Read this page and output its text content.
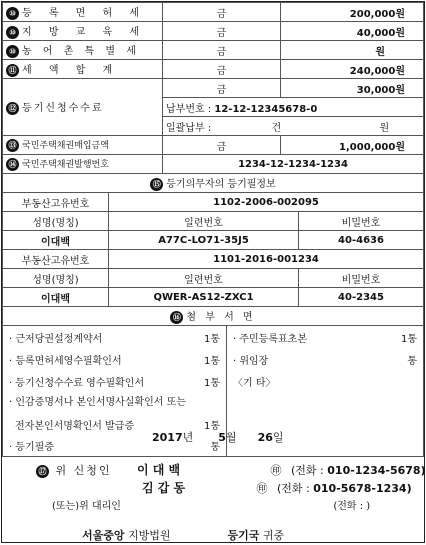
⑩ 등 록 면 허 세	금	200,000원
⑩ 지 방 교 육 세	금	40,000원
⑩ 농 어 촌 특 별 세	금	원
⑪ 세 액 합 계	금	240,000원
⑫ 등기신청수수료	금	30,000원
	납부번호 : 12-12-12345678-0	
	일괄납부 : 건 원	
⑬ 국민주택채권매입금액	금	1,000,000원
⑭ 국민주택채권발행번호	1234-12-1234-1234	
⑮ 등기의무자의 등기필정보		
부동산고유번호	1102-2006-002095	
성명(명칭)	일련번호	비밀번호
이대백	A77C-LO71-35J5	40-4636
부동산고유번호	1101-2016-001234	
성명(명칭)	일련번호	비밀번호
이대백	QWER-AS12-ZXC1	40-2345
⑯ 첨 부 서 면

· 근저당권설정계약서	1통
· 등록면허세영수필확인서	1통
· 등기신청수수료 영수필확인서	1통
· 인감증명서나 본인서명사실확인서 또는
전자본인서명확인서 발급증	1통
· 등기필증	통

· 주민등록표초본	1통
· 위임장	통
〈기 타〉
2017년 5월 26일
⑰ 위 신청인 이 대 백	㊞ (전화 : 010-1234-5678)
김 갑 동	㊞ (전화 : 010-5678-1234)
(또는)위 대리인	(전화 : )
서울중앙 지방법원	등기국 귀중
